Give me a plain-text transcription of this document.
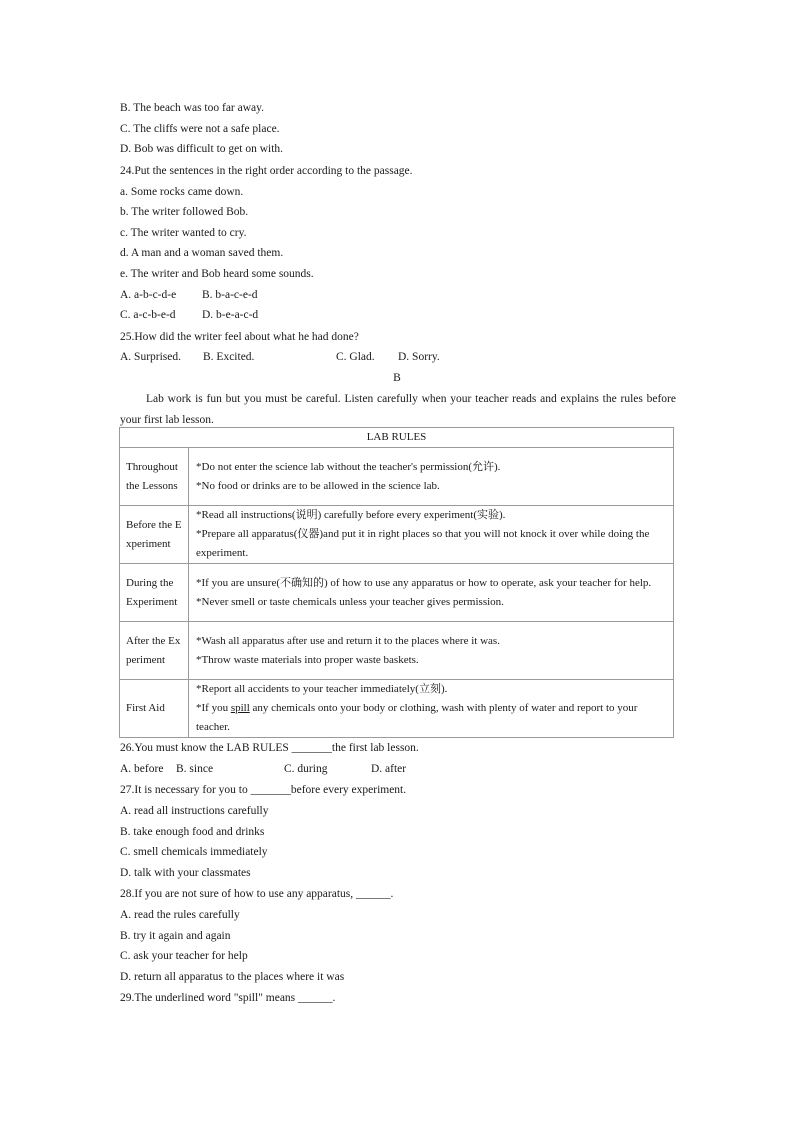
B. The beach was too far away.
C. The cliffs were not a safe place.
D. Bob was difficult to get on with.
24.Put the sentences in the right order according to the passage.
a. Some rocks came down.
b. The writer followed Bob.
c. The writer wanted to cry.
d. A man and a woman saved them.
e. The writer and Bob heard some sounds.
A. a-b-c-d-e B. b-a-c-e-d
C. a-c-b-e-d D. b-e-a-c-d
25.How did the writer feel about what he had done?
A. Surprised. B. Excited.	C. Glad. D. Sorry.
B
Lab work is fun but you must be careful. Listen carefully when your teacher reads and explains the rules before your first lab lesson.
LAB RULES	
Throughout the Lessons	*Do not enter the science lab without the teacher's permission(允许).
*No food or drinks are to be allowed in the science lab.

Before the Experiment	*Read all instructions(说明) carefully before every experiment(实验).
*Prepare all apparatus(仪器)and put it in right places so that you will not knock it over while doing the experiment.

During the Experiment	*If you are unsure(不确知的) of how to use any apparatus or how to operate, ask your teacher for help.
*Never smell or taste chemicals unless your teacher gives permission.

After the Experiment	*Wash all apparatus after use and return it to the places where it was.
*Throw waste materials into proper waste baskets.

First Aid	*Report all accidents to your teacher immediately(立刻).
*If you spill any chemicals onto your body or clothing, wash with plenty of water and report to your teacher.
26.You must know the LAB RULES _______the first lab lesson.
A. before B. since	C. during	D. after
27.It is necessary for you to _______before every experiment.
A. read all instructions carefully
B. take enough food and drinks
C. smell chemicals immediately
D. talk with your classmates
28.If you are not sure of how to use any apparatus, ______.
A. read the rules carefully
B. try it again and again
C. ask your teacher for help
D. return all apparatus to the places where it was
29.The underlined word "spill" means ______.
